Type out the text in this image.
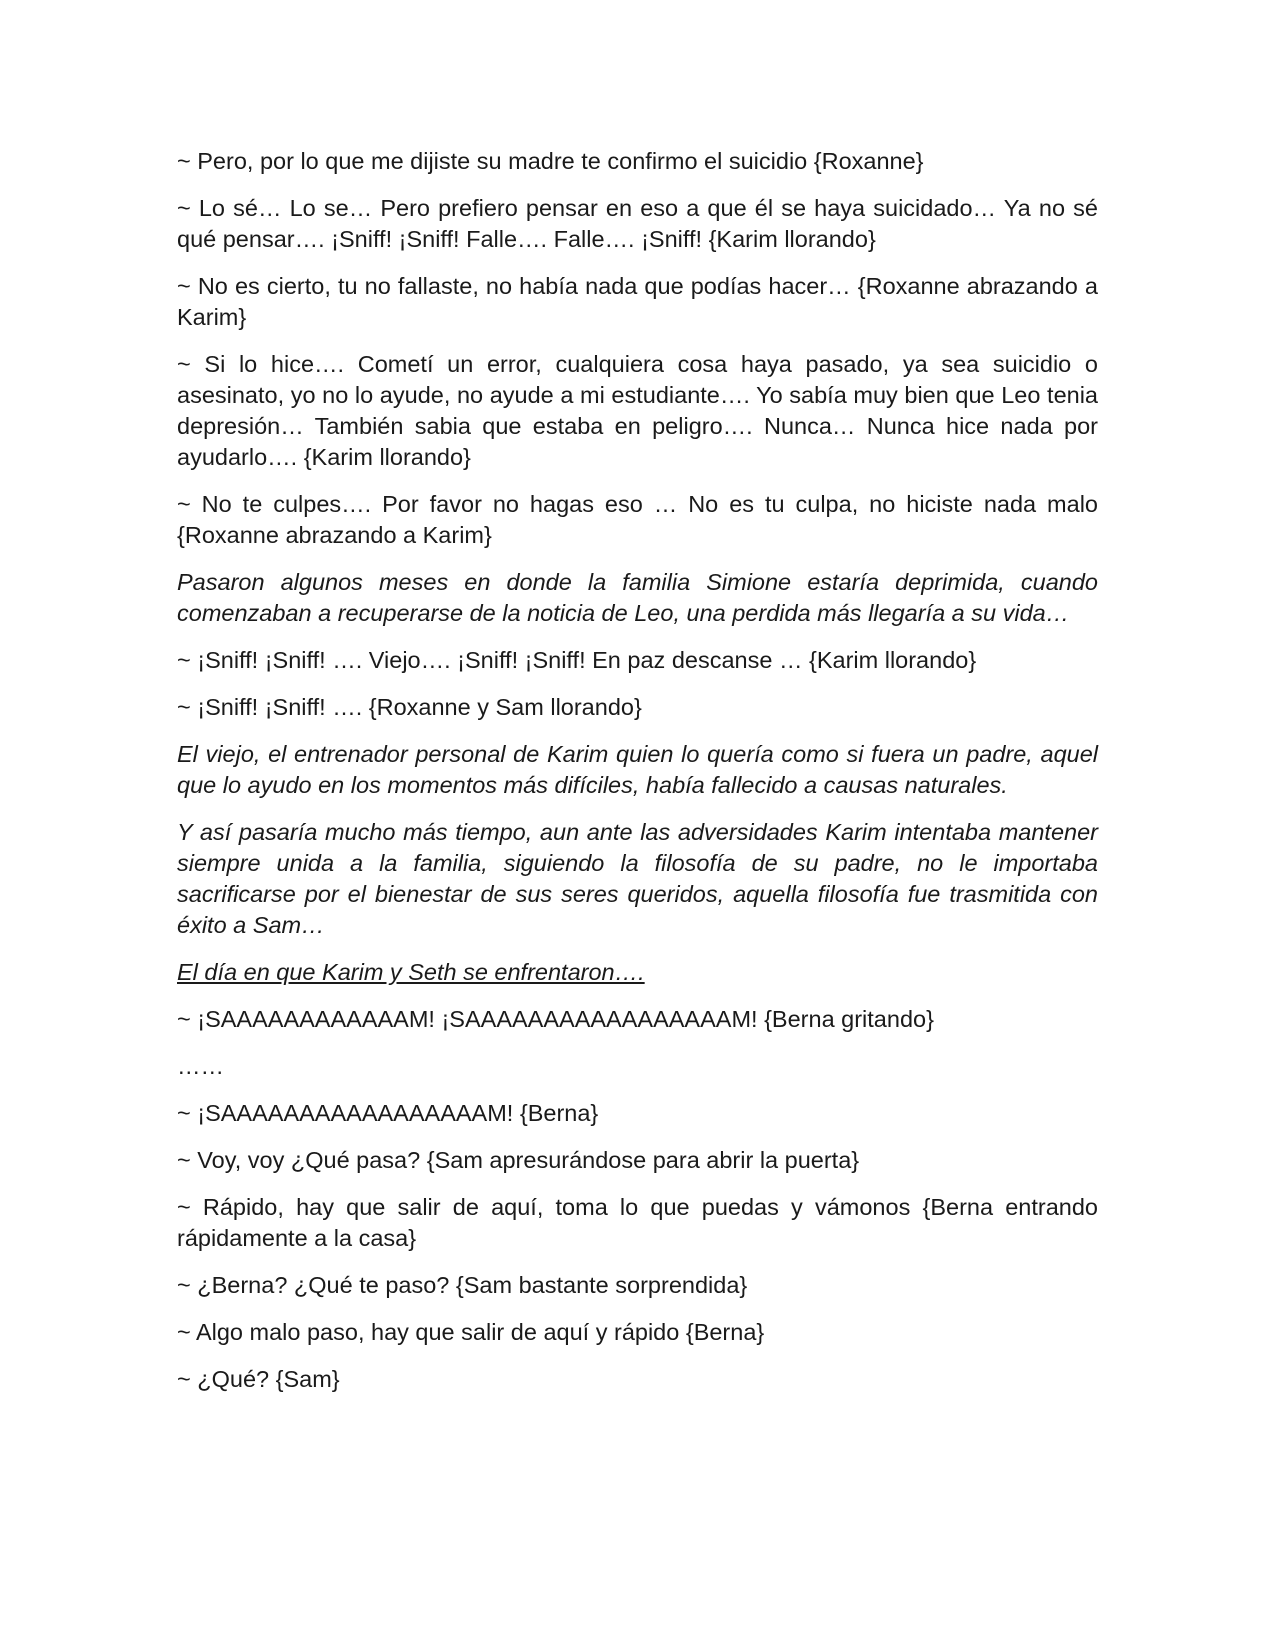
~ Pero, por lo que me dijiste su madre te confirmo el suicidio {Roxanne}

~ Lo sé… Lo se… Pero prefiero pensar en eso a que él se haya suicidado… Ya no sé qué pensar…. ¡Sniff! ¡Sniff! Falle…. Falle…. ¡Sniff! {Karim llorando}

~ No es cierto, tu no fallaste, no había nada que podías hacer… {Roxanne abrazando a Karim}

~ Si lo hice…. Cometí un error, cualquiera cosa haya pasado, ya sea suicidio o asesinato, yo no lo ayude, no ayude a mi estudiante…. Yo sabía muy bien que Leo tenia depresión… También sabia que estaba en peligro…. Nunca… Nunca hice nada por ayudarlo…. {Karim llorando}

~ No te culpes…. Por favor no hagas eso … No es tu culpa, no hiciste nada malo {Roxanne abrazando a Karim}

Pasaron algunos meses en donde la familia Simione estaría deprimida, cuando comenzaban a recuperarse de la noticia de Leo, una perdida más llegaría a su vida…

~ ¡Sniff! ¡Sniff! …. Viejo…. ¡Sniff! ¡Sniff! En paz descanse … {Karim llorando}

~ ¡Sniff! ¡Sniff! …. {Roxanne y Sam llorando}

El viejo, el entrenador personal de Karim quien lo quería como si fuera un padre, aquel que lo ayudo en los momentos más difíciles, había fallecido a causas naturales.

Y así pasaría mucho más tiempo, aun ante las adversidades Karim intentaba mantener siempre unida a la familia, siguiendo la filosofía de su padre, no le importaba sacrificarse por el bienestar de sus seres queridos, aquella filosofía fue trasmitida con éxito a Sam…

El día en que Karim y Seth se enfrentaron….

~ ¡SAAAAAAAAAAAAM! ¡SAAAAAAAAAAAAAAAAAM! {Berna gritando}

……

~ ¡SAAAAAAAAAAAAAAAAAM! {Berna}

~ Voy, voy ¿Qué pasa? {Sam apresurándose para abrir la puerta}

~ Rápido, hay que salir de aquí, toma lo que puedas y vámonos {Berna entrando rápidamente a la casa}

~ ¿Berna? ¿Qué te paso? {Sam bastante sorprendida}

~ Algo malo paso, hay que salir de aquí y rápido {Berna}

~ ¿Qué? {Sam}
